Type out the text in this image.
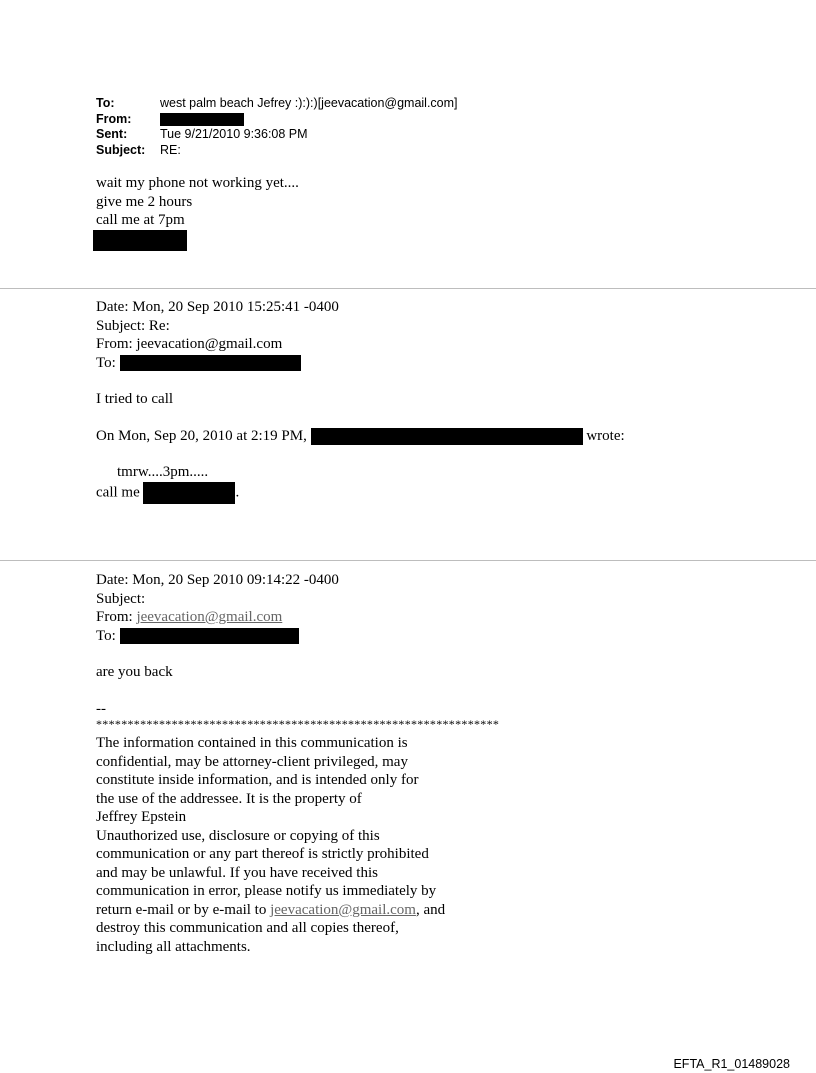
To:	west palm beach Jefrey :):):)[jeevacation@gmail.com]
From:
Sent:	Tue 9/21/2010 9:36:08 PM
Subject:	RE:
wait my phone not working yet....
give me 2 hours
call me at 7pm
Date: Mon, 20 Sep 2010 15:25:41 -0400
Subject: Re:
From: jeevacation@gmail.com
To:
I tried to call
On Mon, Sep 20, 2010 at 2:19 PM,	wrote:
tmrw....3pm.....
call me	.
Date: Mon, 20 Sep 2010 09:14:22 -0400
Subject:
From: jeevacation@gmail.com
To:
are you back
--
****************************************************************
The information contained in this communication is
confidential, may be attorney-client privileged, may
constitute inside information, and is intended only for
the use of the addressee. It is the property of
Jeffrey Epstein
Unauthorized use, disclosure or copying of this
communication or any part thereof is strictly prohibited
and may be unlawful. If you have received this
communication in error, please notify us immediately by
return e-mail or by e-mail to jeevacation@gmail.com, and
destroy this communication and all copies thereof,
including all attachments.
EFTA_R1_01489028
